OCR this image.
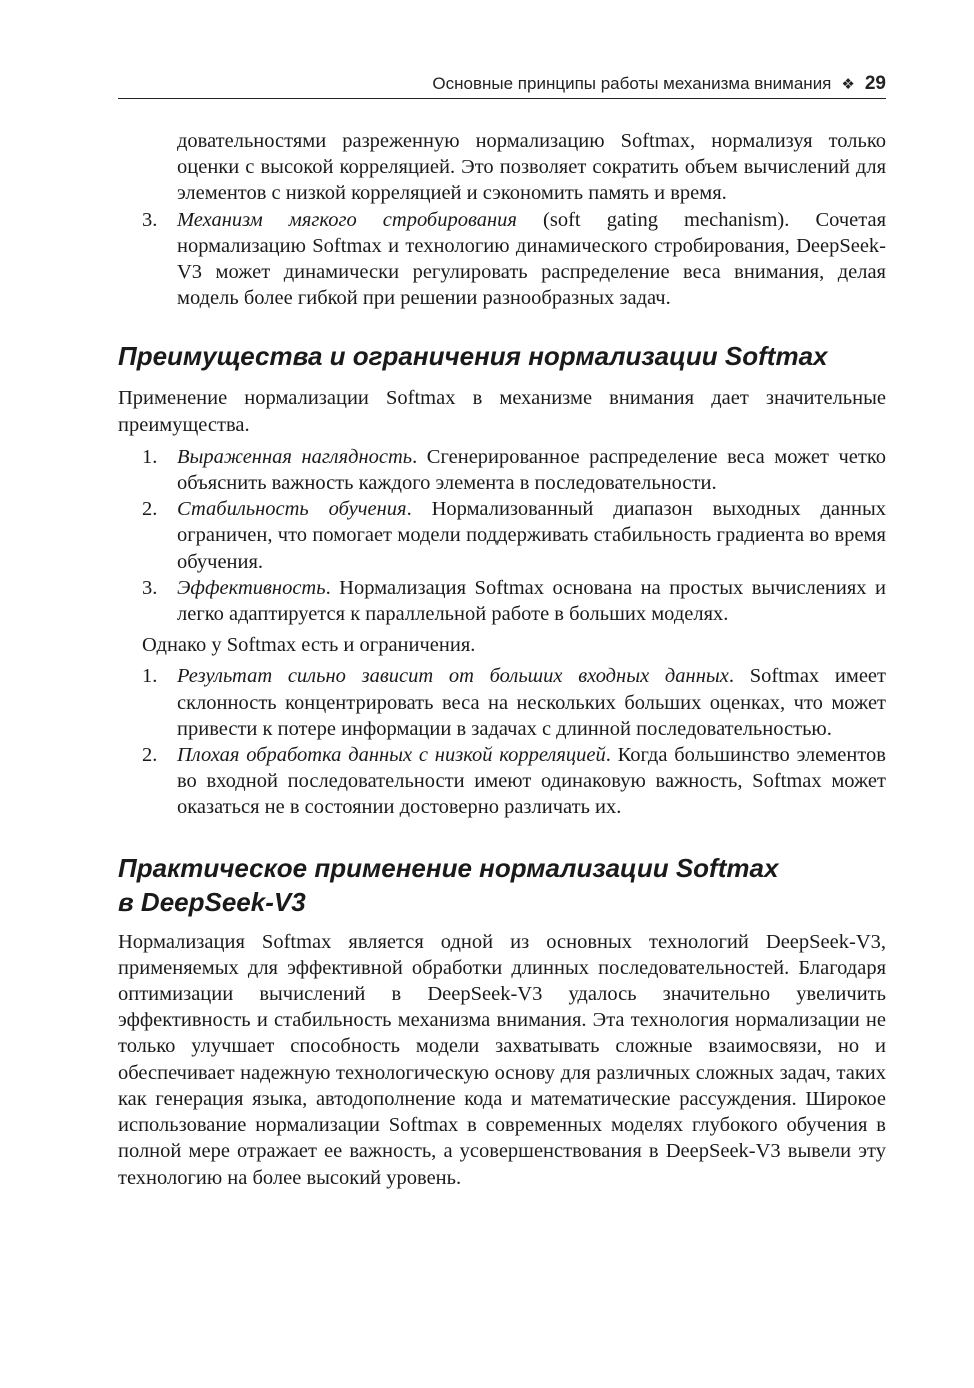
Основные принципы работы механизма внимания ❖ 29

довательностями разреженную нормализацию Softmax, нормализуя только оценки с высокой корреляцией. Это позволяет сократить объем вычислений для элементов с низкой корреляцией и сэкономить память и время.

3. Механизм мягкого стробирования (soft gating mechanism). Сочетая нормализацию Softmax и технологию динамического стробирования, DeepSeek-V3 может динамически регулировать распределение веса внимания, делая модель более гибкой при решении разнообразных задач.
Преимущества и ограничения нормализации Softmax

Применение нормализации Softmax в механизме внимания дает значительные преимущества.

1. Выраженная наглядность. Сгенерированное распределение веса может четко объяснить важность каждого элемента в последовательности.
2. Стабильность обучения. Нормализованный диапазон выходных данных ограничен, что помогает модели поддерживать стабильность градиента во время обучения.
3. Эффективность. Нормализация Softmax основана на простых вычислениях и легко адаптируется к параллельной работе в больших моделях.

Однако у Softmax есть и ограничения.

1. Результат сильно зависит от больших входных данных. Softmax имеет склонность концентрировать веса на нескольких больших оценках, что может привести к потере информации в задачах с длинной последовательностью.
2. Плохая обработка данных с низкой корреляцией. Когда большинство элементов во входной последовательности имеют одинаковую важность, Softmax может оказаться не в состоянии достоверно различать их.
Практическое применение нормализации Softmax
в DeepSeek-V3

Нормализация Softmax является одной из основных технологий DeepSeek-V3, применяемых для эффективной обработки длинных последовательностей. Благодаря оптимизации вычислений в DeepSeek-V3 удалось значительно увеличить эффективность и стабильность механизма внимания. Эта технология нормализации не только улучшает способность модели захватывать сложные взаимосвязи, но и обеспечивает надежную технологическую основу для различных сложных задач, таких как генерация языка, автодополнение кода и математические рассуждения. Широкое использование нормализации Softmax в современных моделях глубокого обучения в полной мере отражает ее важность, а усовершенствования в DeepSeek-V3 вывели эту технологию на более высокий уровень.
